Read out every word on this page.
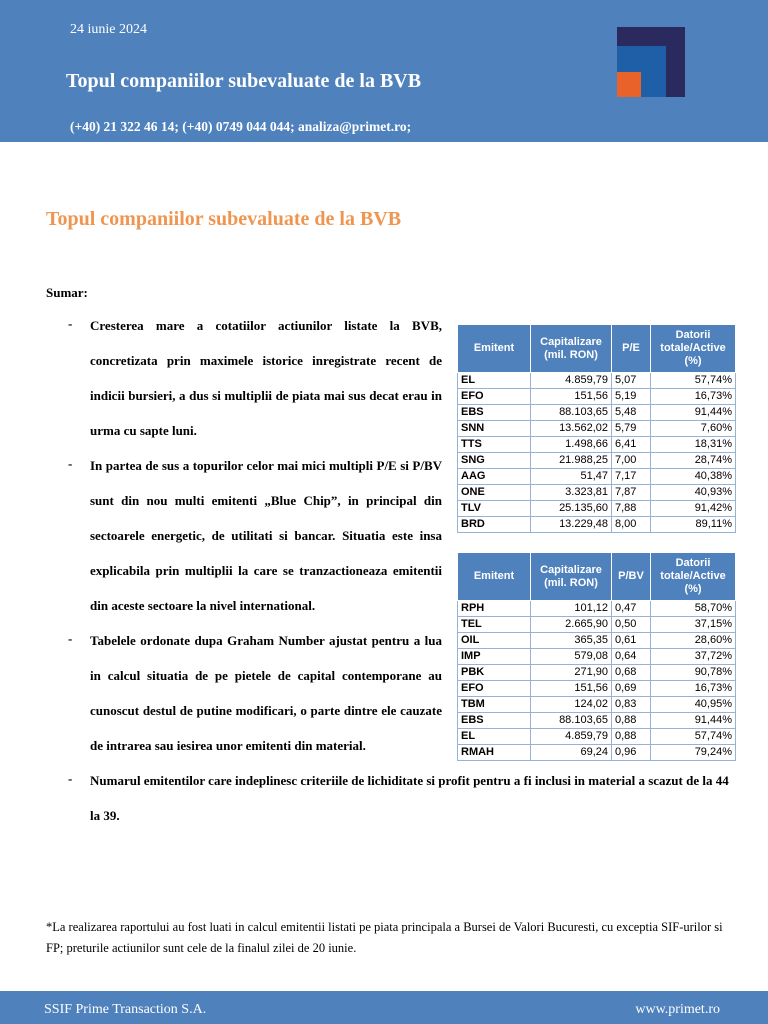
24 iunie 2024
Topul companiilor subevaluate de la BVB
(+40) 21 322 46 14; (+40) 0749 044 044; analiza@primet.ro;
Topul companiilor subevaluate de la BVB
Sumar:
- Cresterea mare a cotatiilor actiunilor listate la BVB, concretizata prin maximele istorice inregistrate recent de indicii bursieri, a dus si multiplii de piata mai sus decat erau in urma cu sapte luni.
- In partea de sus a topurilor celor mai mici multipli P/E si P/BV sunt din nou multi emitenti „Blue Chip”, in principal din sectoarele energetic, de utilitati si bancar. Situatia este insa explicabila prin multiplii la care se tranzactioneaza emitentii din aceste sectoare la nivel international.
- Tabelele ordonate dupa Graham Number ajustat pentru a lua in calcul situatia de pe pietele de capital contemporane au cunoscut destul de putine modificari, o parte dintre ele cauzate de intrarea sau iesirea unor emitenti din material.
- Numarul emitentilor care indeplinesc criteriile de lichiditate si profit pentru a fi inclusi in material a scazut de la 44 la 39.
Emitent	Capitalizare (mil. RON)	P/E	Datorii totale/Active (%)
EL	4.859,79	5,07	57,74%
EFO	151,56	5,19	16,73%
EBS	88.103,65	5,48	91,44%
SNN	13.562,02	5,79	7,60%
TTS	1.498,66	6,41	18,31%
SNG	21.988,25	7,00	28,74%
AAG	51,47	7,17	40,38%
ONE	3.323,81	7,87	40,93%
TLV	25.135,60	7,88	91,42%
BRD	13.229,48	8,00	89,11%
Emitent	Capitalizare (mil. RON)	P/BV	Datorii totale/Active (%)
RPH	101,12	0,47	58,70%
TEL	2.665,90	0,50	37,15%
OIL	365,35	0,61	28,60%
IMP	579,08	0,64	37,72%
PBK	271,90	0,68	90,78%
EFO	151,56	0,69	16,73%
TBM	124,02	0,83	40,95%
EBS	88.103,65	0,88	91,44%
EL	4.859,79	0,88	57,74%
RMAH	69,24	0,96	79,24%
*La realizarea raportului au fost luati in calcul emitentii listati pe piata principala a Bursei de Valori Bucuresti, cu exceptia SIF-urilor si FP; preturile actiunilor sunt cele de la finalul zilei de 20 iunie.
SSIF Prime Transaction S.A.	www.primet.ro
